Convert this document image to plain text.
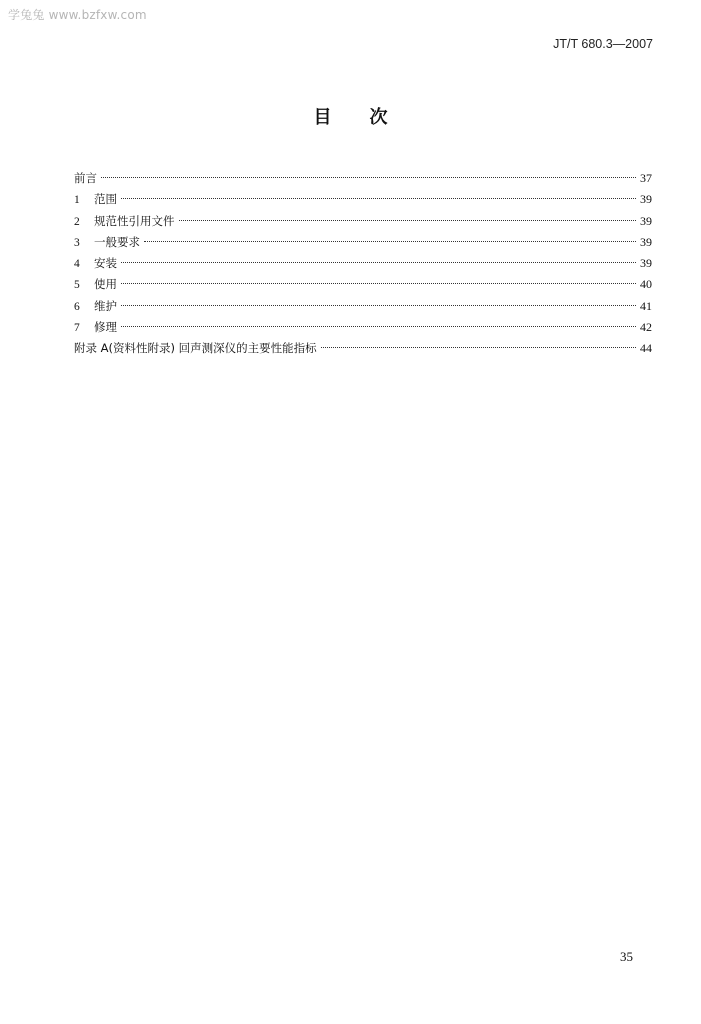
学兔兔 www.bzfxw.com
JT/T 680.3—2007
目次
前言	37
1	范围	39
2	规范性引用文件	39
3	一般要求	39
4	安装	39
5	使用	40
6	维护	41
7	修理	42
附录 A(资料性附录) 回声测深仪的主要性能指标	44
35
